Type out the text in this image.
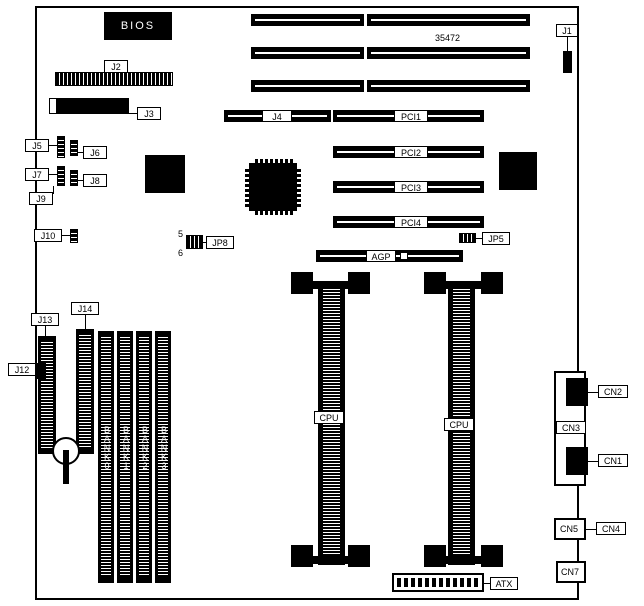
BIOS
35472
J4	PCI1
PCI2
PCI3
PCI4
AGP
J1
J2
J3
J5
J6
J7
J8
J9
J10	5
6
JP8	JP5
J14
J13
J12
BANK0 BANK1 BANK2 BANK3
CPU
CPU
ATX
CN2
CN3
CN1
CN5	CN4
CN7
